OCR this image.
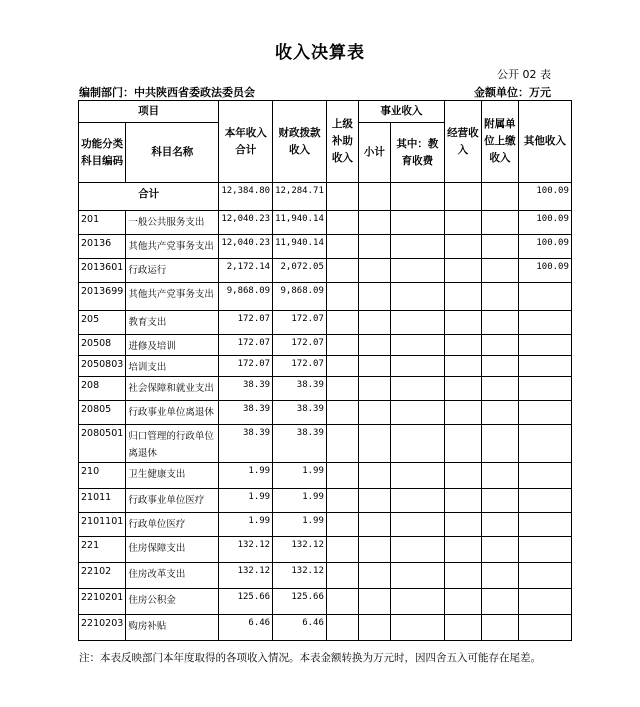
收入决算表
公开 02 表
编制部门：中共陕西省委政法委员会	金额单位：万元
项目		本年收入合计	财政拨款收入	上级补助收入	事业收入		经营收入	附属单位上缴收入	其他收入
功能分类科目编码	科目名称				小计	其中：教育收费			

合计		12,384.80	12,284.71						100.09
201	一般公共服务支出	12,040.23	11,940.14						100.09
20136	其他共产党事务支出	12,040.23	11,940.14						100.09
2013601	行政运行	2,172.14	2,072.05						100.09
2013699	其他共产党事务支出	9,868.09	9,868.09						
205	教育支出	172.07	172.07						
20508	进修及培训	172.07	172.07						
2050803	培训支出	172.07	172.07						
208	社会保障和就业支出	38.39	38.39						
20805	行政事业单位离退休	38.39	38.39						
2080501	归口管理的行政单位离退休	38.39	38.39						
210	卫生健康支出	1.99	1.99						
21011	行政事业单位医疗	1.99	1.99						
2101101	行政单位医疗	1.99	1.99						
221	住房保障支出	132.12	132.12						
22102	住房改革支出	132.12	132.12						
2210201	住房公积金	125.66	125.66						
2210203	购房补贴	6.46	6.46						
注：本表反映部门本年度取得的各项收入情况。本表金额转换为万元时，因四舍五入可能存在尾差。
